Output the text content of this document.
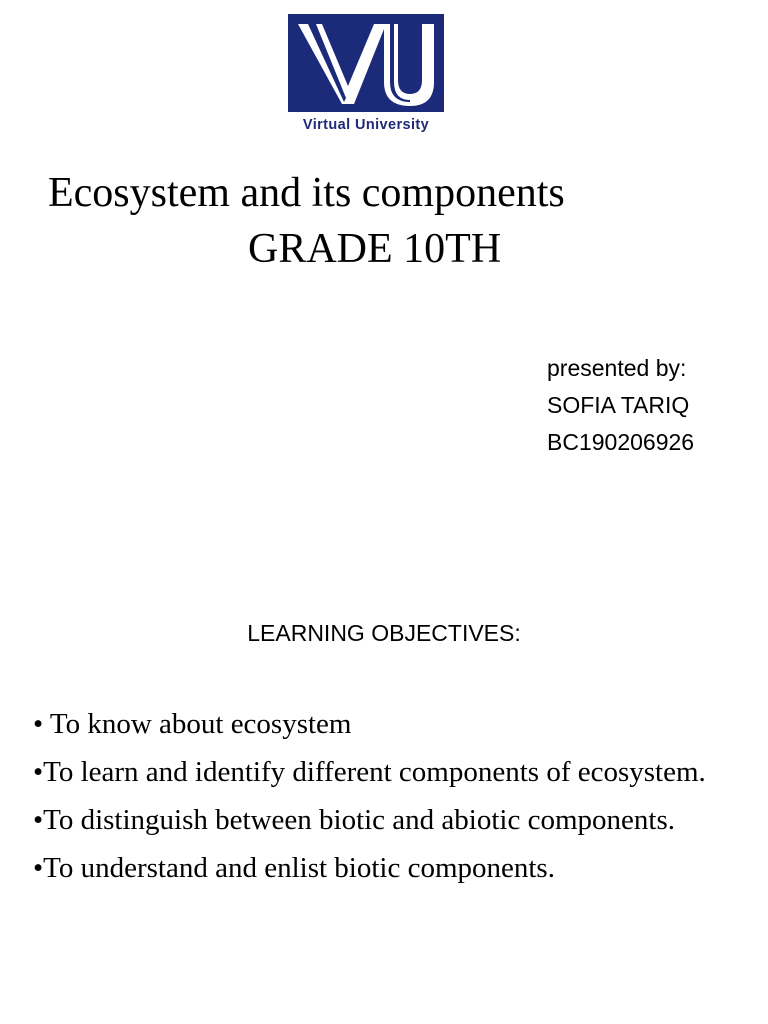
Virtual University
Ecosystem and its components
GRADE 10TH
presented by:
SOFIA TARIQ
BC190206926
LEARNING OBJECTIVES:
• To know about ecosystem
•To learn and identify different components of ecosystem.
•To distinguish between biotic and abiotic components.
•To understand and enlist biotic components.
